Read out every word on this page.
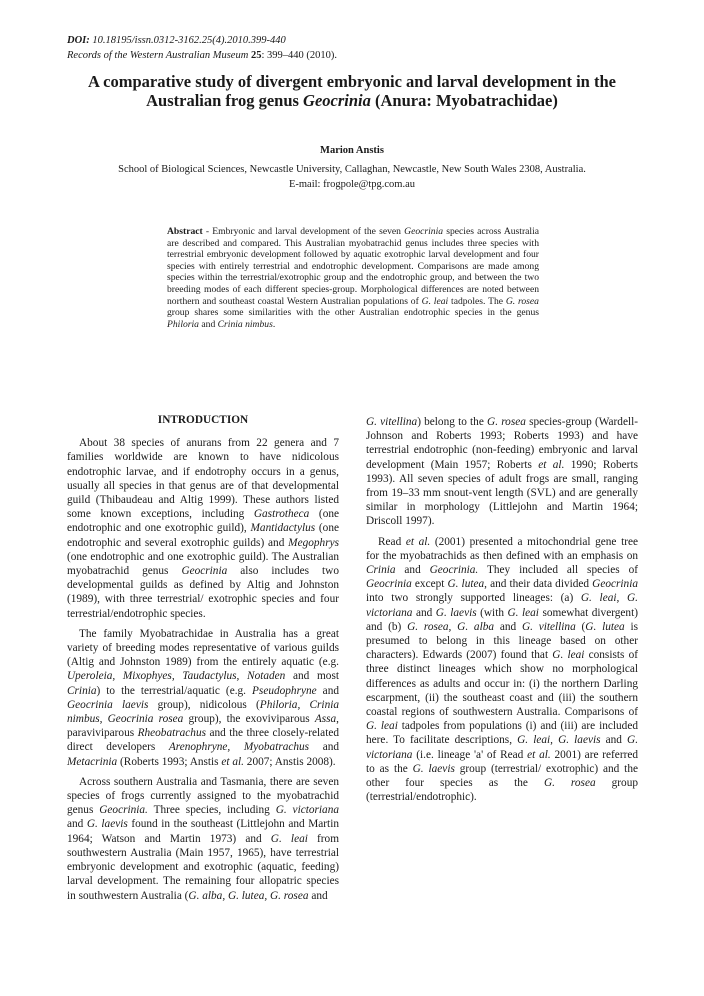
DOI: 10.18195/issn.0312-3162.25(4).2010.399-440
Records of the Western Australian Museum 25: 399–440 (2010).
A comparative study of divergent embryonic and larval development in the
Australian frog genus Geocrinia (Anura: Myobatrachidae)
Marion Anstis
School of Biological Sciences, Newcastle University, Callaghan, Newcastle, New South Wales 2308, Australia.
E-mail: frogpole@tpg.com.au
Abstract - Embryonic and larval development of the seven Geocrinia species across Australia are described and compared. This Australian myobatrachid genus includes three species with terrestrial embryonic development followed by aquatic exotrophic larval development and four species with entirely terrestrial and endotrophic development. Comparisons are made among species within the terrestrial/exotrophic group and the endotrophic group, and between the two breeding modes of each different species-group. Morphological differences are noted between northern and southeast coastal Western Australian populations of G. leai tadpoles. The G. rosea group shares some similarities with the other Australian endotrophic species in the genus Philoria and Crinia nimbus.
INTRODUCTION

About 38 species of anurans from 22 genera and 7 families worldwide are known to have nidicolous endotrophic larvae, and if endotrophy occurs in a genus, usually all species in that genus are of that developmental guild (Thibaudeau and Altig 1999). These authors listed some known exceptions, including Gastrotheca (one endotrophic and one exotrophic guild), Mantidactylus (one endotrophic and several exotrophic guilds) and Megophrys (one endotrophic and one exotrophic guild). The Australian myobatrachid genus Geocrinia also includes two developmental guilds as defined by Altig and Johnston (1989), with three terrestrial/ exotrophic species and four terrestrial/endotrophic species.

The family Myobatrachidae in Australia has a great variety of breeding modes representative of various guilds (Altig and Johnston 1989) from the entirely aquatic (e.g. Uperoleia, Mixophyes, Taudactylus, Notaden and most Crinia) to the terrestrial/aquatic (e.g. Pseudophryne and Geocrinia laevis group), nidicolous (Philoria, Crinia nimbus, Geocrinia rosea group), the exoviviparous Assa, paraviviparous Rheobatrachus and the three closely-related direct developers Arenophryne, Myobatrachus and Metacrinia (Roberts 1993; Anstis et al. 2007; Anstis 2008).

Across southern Australia and Tasmania, there are seven species of frogs currently assigned to the myobatrachid genus Geocrinia. Three species, including G. victoriana and G. laevis found in the southeast (Littlejohn and Martin 1964; Watson and Martin 1973) and G. leai from southwestern Australia (Main 1957, 1965), have terrestrial embryonic development and exotrophic (aquatic, feeding) larval development. The remaining four allopatric species in southwestern Australia (G. alba, G. lutea, G. rosea and

G. vitellina) belong to the G. rosea species-group (Wardell-Johnson and Roberts 1993; Roberts 1993) and have terrestrial endotrophic (non-feeding) embryonic and larval development (Main 1957; Roberts et al. 1990; Roberts 1993). All seven species of adult frogs are small, ranging from 19–33 mm snout-vent length (SVL) and are generally similar in morphology (Littlejohn and Martin 1964; Driscoll 1997).

Read et al. (2001) presented a mitochondrial gene tree for the myobatrachids as then defined with an emphasis on Crinia and Geocrinia. They included all species of Geocrinia except G. lutea, and their data divided Geocrinia into two strongly supported lineages: (a) G. leai, G. victoriana and G. laevis (with G. leai somewhat divergent) and (b) G. rosea, G. alba and G. vitellina (G. lutea is presumed to belong in this lineage based on other characters). Edwards (2007) found that G. leai consists of three distinct lineages which show no morphological differences as adults and occur in: (i) the northern Darling escarpment, (ii) the southeast coast and (iii) the southern coastal regions of southwestern Australia. Comparisons of G. leai tadpoles from populations (i) and (iii) are included here. To facilitate descriptions, G. leai, G. laevis and G. victoriana (i.e. lineage 'a' of Read et al. 2001) are referred to as the G. laevis group (terrestrial/ exotrophic) and the other four species as the G. rosea group (terrestrial/endotrophic).
